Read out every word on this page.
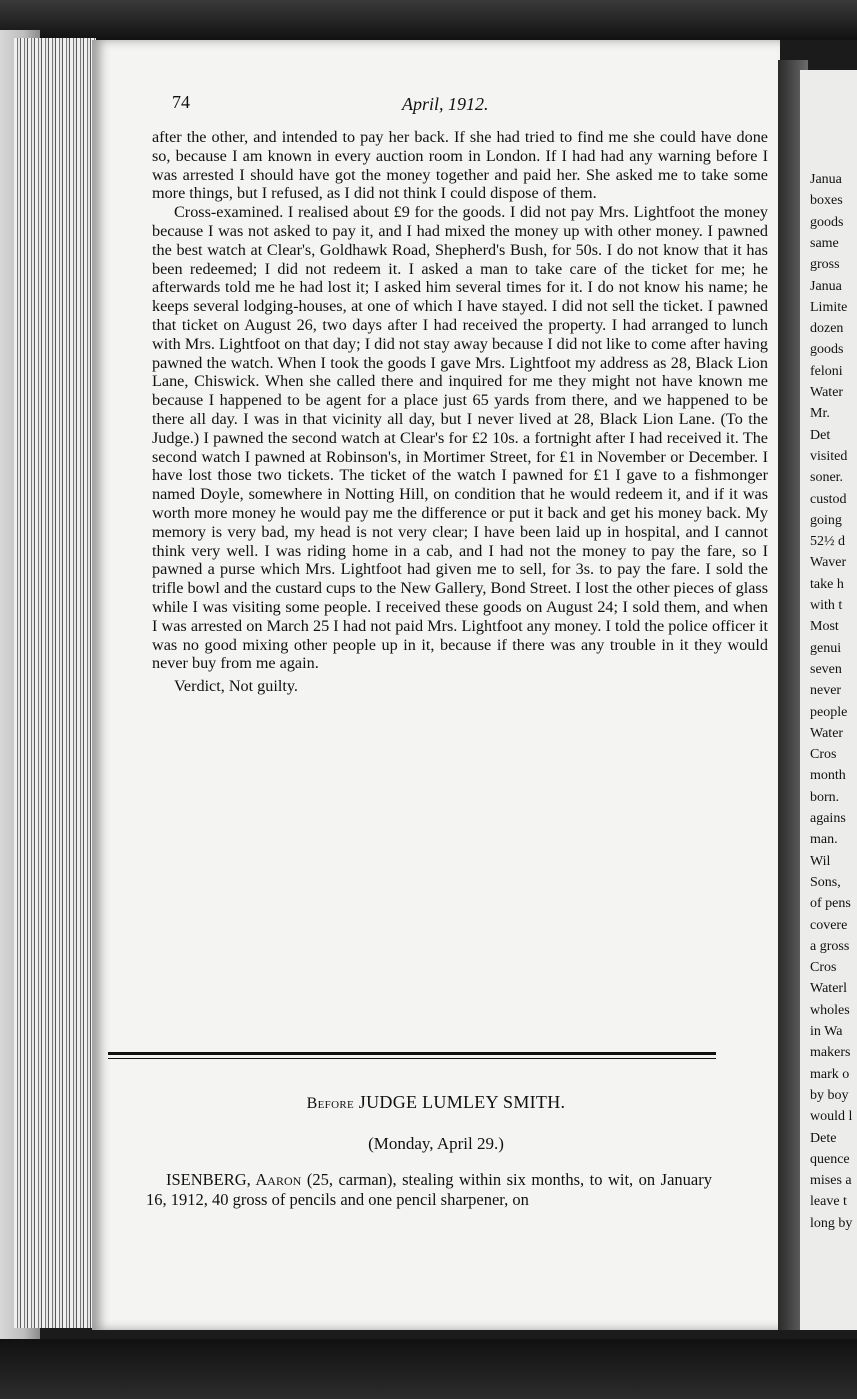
74	April, 1912.

after the other, and intended to pay her back. If she had tried to find me she could have done so, because I am known in every auction room in London. If I had had any warning before I was arrested I should have got the money together and paid her. She asked me to take some more things, but I refused, as I did not think I could dispose of them.

Cross-examined. I realised about £9 for the goods. I did not pay Mrs. Lightfoot the money because I was not asked to pay it, and I had mixed the money up with other money. I pawned the best watch at Clear's, Goldhawk Road, Shepherd's Bush, for 50s. I do not know that it has been redeemed; I did not redeem it. I asked a man to take care of the ticket for me; he afterwards told me he had lost it; I asked him several times for it. I do not know his name; he keeps several lodging-houses, at one of which I have stayed. I did not sell the ticket. I pawned that ticket on August 26, two days after I had received the property. I had arranged to lunch with Mrs. Lightfoot on that day; I did not stay away because I did not like to come after having pawned the watch. When I took the goods I gave Mrs. Lightfoot my address as 28, Black Lion Lane, Chiswick. When she called there and inquired for me they might not have known me because I happened to be agent for a place just 65 yards from there, and we happened to be there all day. I was in that vicinity all day, but I never lived at 28, Black Lion Lane. (To the Judge.) I pawned the second watch at Clear's for £2 10s. a fortnight after I had received it. The second watch I pawned at Robinson's, in Mortimer Street, for £1 in November or December. I have lost those two tickets. The ticket of the watch I pawned for £1 I gave to a fishmonger named Doyle, somewhere in Notting Hill, on condition that he would redeem it, and if it was worth more money he would pay me the difference or put it back and get his money back. My memory is very bad, my head is not very clear; I have been laid up in hospital, and I cannot think very well. I was riding home in a cab, and I had not the money to pay the fare, so I pawned a purse which Mrs. Lightfoot had given me to sell, for 3s. to pay the fare. I sold the trifle bowl and the custard cups to the New Gallery, Bond Street. I lost the other pieces of glass while I was visiting some people. I received these goods on August 24; I sold them, and when I was arrested on March 25 I had not paid Mrs. Lightfoot any money. I told the police officer it was no good mixing other people up in it, because if there was any trouble in it they would never buy from me again.

Verdict, Not guilty.

Before JUDGE LUMLEY SMITH.
(Monday, April 29.)

ISENBERG, Aaron (25, carman), stealing within six months, to wit, on January 16, 1912, 40 gross of pencils and one pencil sharpener, on

Janua
boxes
goods
same
gross
Janua
Limite
dozen
goods
feloni
Water
Mr.
Det
visited
soner.
custod
going
52½ d
Waver
take h
with t
Most
genui
seven
never
people
Water
Cros
month
born.
agains
man.
Wil
Sons,
of pens
covere
a gross
Cros
Waterl
wholes
in Wa
makers
mark o
by boy
would l
Dete
quence
mises a
leave t
long by
